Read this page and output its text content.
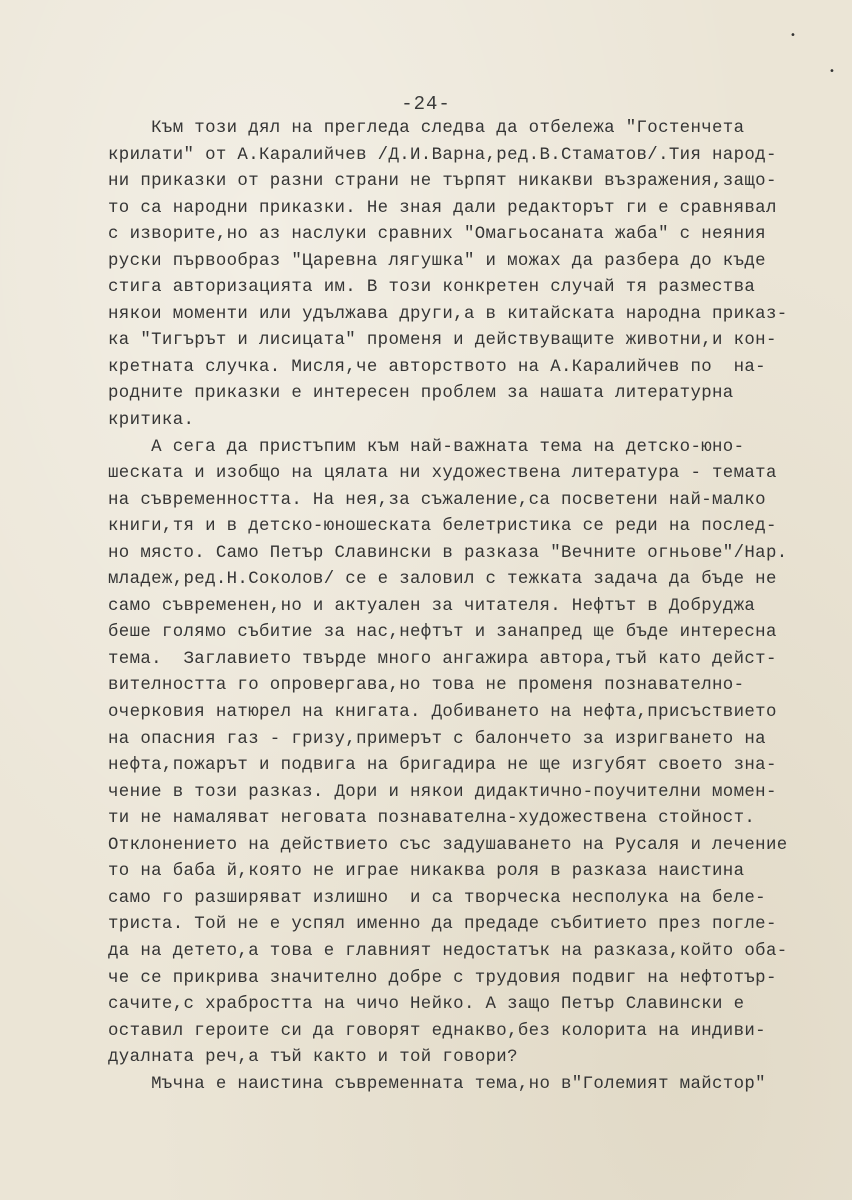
•
•
-24-
Към този дял на прегледа следва да отбележа "Гостенчета
крилати" от А.Каралийчев /Д.И.Варна,ред.В.Стаматов/.Тия народ-
ни приказки от разни страни не търпят никакви възражения,защо-
то са народни приказки. Не зная дали редакторът ги е сравнявал
с изворите,но аз наслуки сравних "Омагьосаната жаба" с неяния
руски първообраз "Царевна лягушка" и можах да разбера до къде
стига авторизацията им. В този конкретен случай тя размества
някои моменти или удължава други,а в китайската народна приказ-
ка "Тигърът и лисицата" променя и действуващите животни,и кон-
кретната случка. Мисля,че авторството на А.Каралийчев по  на-
родните приказки е интересен проблем за нашата литературна
критика.
А сега да пристъпим към най-важната тема на детско-юно-
шеската и изобщо на цялата ни художествена литература - темата
на съвременността. На нея,за съжаление,са посветени най-малко
книги,тя и в детско-юношеската белетристика се реди на послед-
но място. Само Петър Славински в разказа "Вечните огньове"/Нар.
младеж,ред.Н.Соколов/ се е заловил с тежката задача да бъде не
само съвременен,но и актуален за читателя. Нефтът в Добруджа
беше голямо събитие за нас,нефтът и занапред ще бъде интересна
тема.  Заглавието твърде много ангажира автора,тъй като дейст-
вителността го опровергава,но това не променя познавателно-
очерковия натюрел на книгата. Добиването на нефта,присъствието
на опасния газ - гризу,примерът с балончето за изригването на
нефта,пожарът и подвига на бригадира не ще изгубят своето зна-
чение в този разказ. Дори и някои дидактично-поучителни момен-
ти не намаляват неговата познавателна-художествена стойност.
Отклонението на действието със задушаването на Русаля и лечение
то на баба й,която не играе никаква роля в разказа наистина
само го разширяват излишно  и са творческа несполука на беле-
триста. Той не е успял именно да предаде събитието през погле-
да на детето,а това е главният недостатък на разказа,който оба-
че се прикрива значително добре с трудовия подвиг на нефтотър-
сачите,с храбростта на чичо Нейко. А защо Петър Славински е
оставил героите си да говорят еднакво,без колорита на индиви-
дуалната реч,а тъй както и той говори?
Мъчна е наистина съвременната тема,но в"Големият майстор"
